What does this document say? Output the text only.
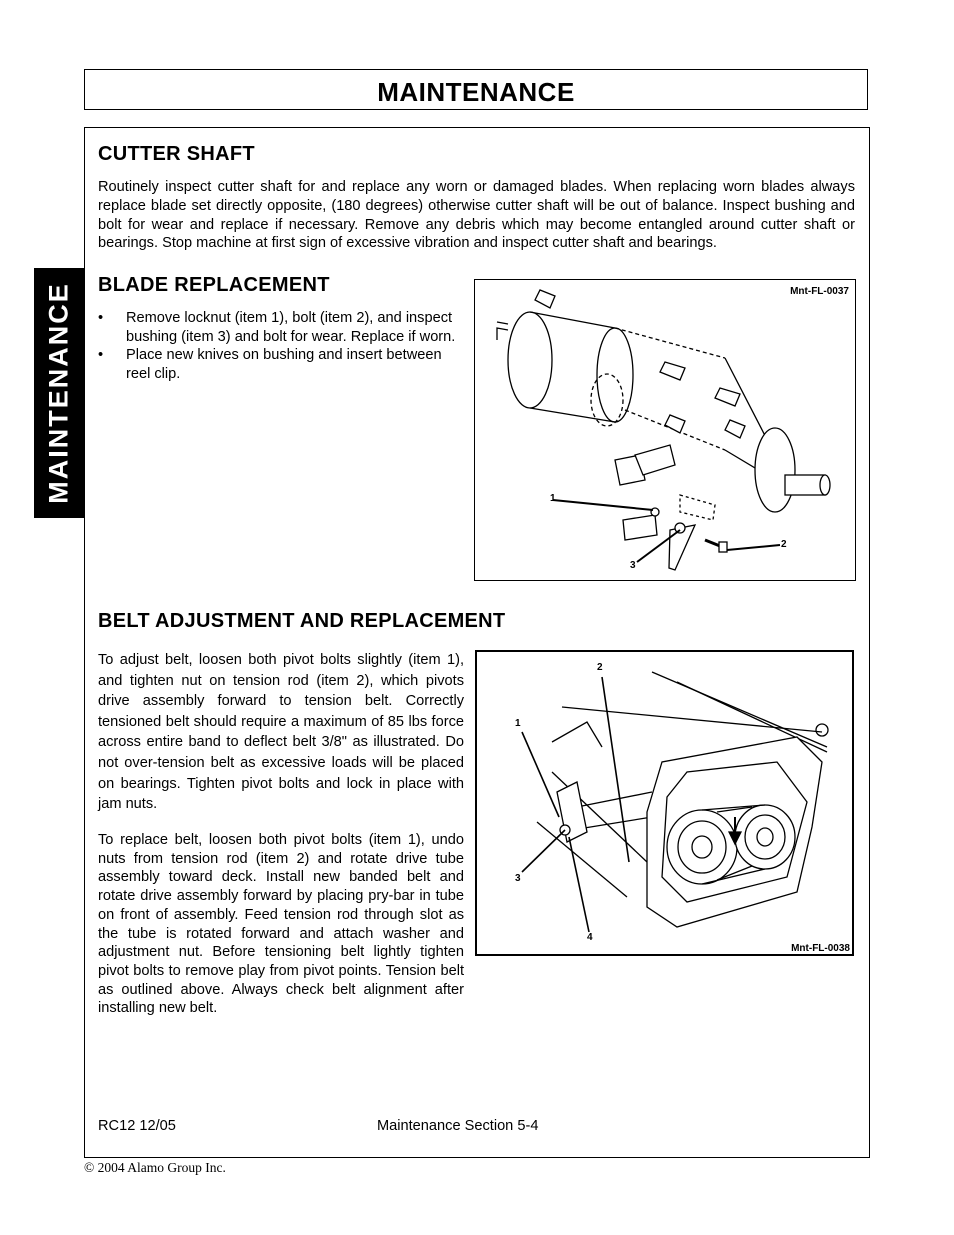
MAINTENANCE
MAINTENANCE
CUTTER SHAFT

Routinely inspect cutter shaft for and replace any worn or damaged blades. When replacing worn blades always replace blade set directly opposite, (180 degrees) otherwise cutter shaft will be out of balance. Inspect bushing and bolt for wear and replace if necessary. Remove any debris which may become entangled around cutter shaft or bearings. Stop machine at first sign of excessive vibration and inspect cutter shaft and bearings.

BLADE REPLACEMENT
• Remove locknut (item 1), bolt (item 2), and inspect bushing (item 3) and bolt for wear. Replace if worn.
• Place new knives on bushing and insert between reel clip.
Mnt-FL-0037
1
2
3
BELT ADJUSTMENT AND REPLACEMENT

To adjust belt, loosen both pivot bolts slightly (item 1), and tighten nut on tension rod (item 2), which pivots drive assembly forward to tension belt. Correctly tensioned belt should require a maximum of 85 lbs force across entire band to deflect belt 3/8" as illustrated. Do not over-tension belt as excessive loads will be placed on bearings. Tighten pivot bolts and lock in place with jam nuts.

To replace belt, loosen both pivot bolts (item 1), undo nuts from tension rod (item 2) and rotate drive tube assembly toward deck. Install new banded belt and rotate drive assembly forward by placing pry-bar in tube on front of assembly. Feed tension rod through slot as the tube is rotated forward and attach washer and adjustment nut. Before tensioning belt lightly tighten pivot bolts to remove play from pivot points. Tension belt as outlined above. Always check belt alignment after installing new belt.

2
1
3
4
Mnt-FL-0038
RC12 12/05	Maintenance Section 5-4
© 2004 Alamo Group Inc.
